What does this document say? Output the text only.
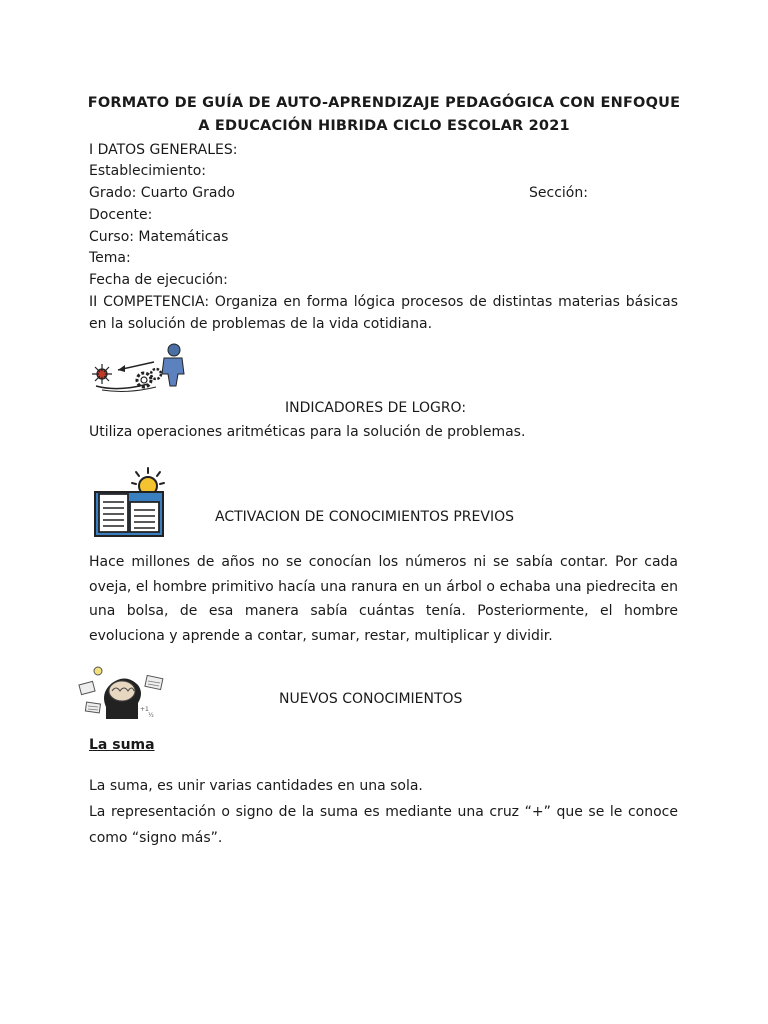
FORMATO DE GUÍA DE AUTO-APRENDIZAJE PEDAGÓGICA CON ENFOQUE
A EDUCACIÓN HIBRIDA CICLO ESCOLAR 2021
I DATOS GENERALES:
Establecimiento:
Grado: Cuarto Grado	Sección:
Docente:
Curso: Matemáticas
Tema:
Fecha de ejecución:
II COMPETENCIA: Organiza en forma lógica procesos de distintas materias básicas en la solución de problemas de la vida cotidiana.
INDICADORES DE LOGRO:
Utiliza operaciones aritméticas para la solución de problemas.
ACTIVACION DE CONOCIMIENTOS PREVIOS
Hace millones de años no se conocían los números ni se sabía contar. Por cada oveja, el hombre primitivo hacía una ranura en un árbol o echaba una piedrecita en una bolsa, de esa manera sabía cuántas tenía. Posteriormente, el hombre evoluciona y aprende a contar, sumar, restar, multiplicar y dividir.
+1
½
NUEVOS CONOCIMIENTOS
La suma
La suma, es unir varias cantidades en una sola.
La representación o signo de la suma es mediante una cruz “+” que se le conoce como “signo más”.
